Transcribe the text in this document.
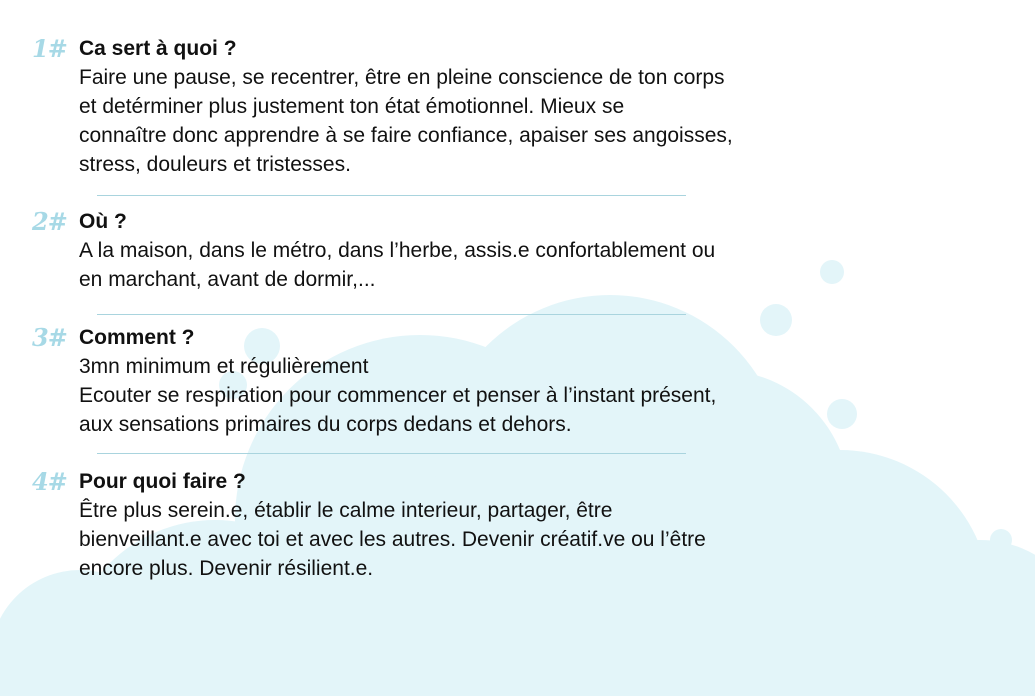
1# Ca sert à quoi ?
Faire une pause, se recentrer, être en pleine conscience de ton corps
et detérminer plus justement ton état émotionnel. Mieux se
connaître donc apprendre à se faire confiance, apaiser ses angoisses,
stress, douleurs et tristesses.
2# Où ?
A la maison, dans le métro, dans l’herbe, assis.e confortablement ou
en marchant, avant de dormir,...
3# Comment ?
3mn minimum et régulièrement
Ecouter se respiration pour commencer et penser à l’instant présent,
aux sensations primaires du corps dedans et dehors.
4# Pour quoi faire ?
Être plus serein.e, établir le calme interieur, partager, être
bienveillant.e avec toi et avec les autres. Devenir créatif.ve ou l’être
encore plus. Devenir résilient.e.
